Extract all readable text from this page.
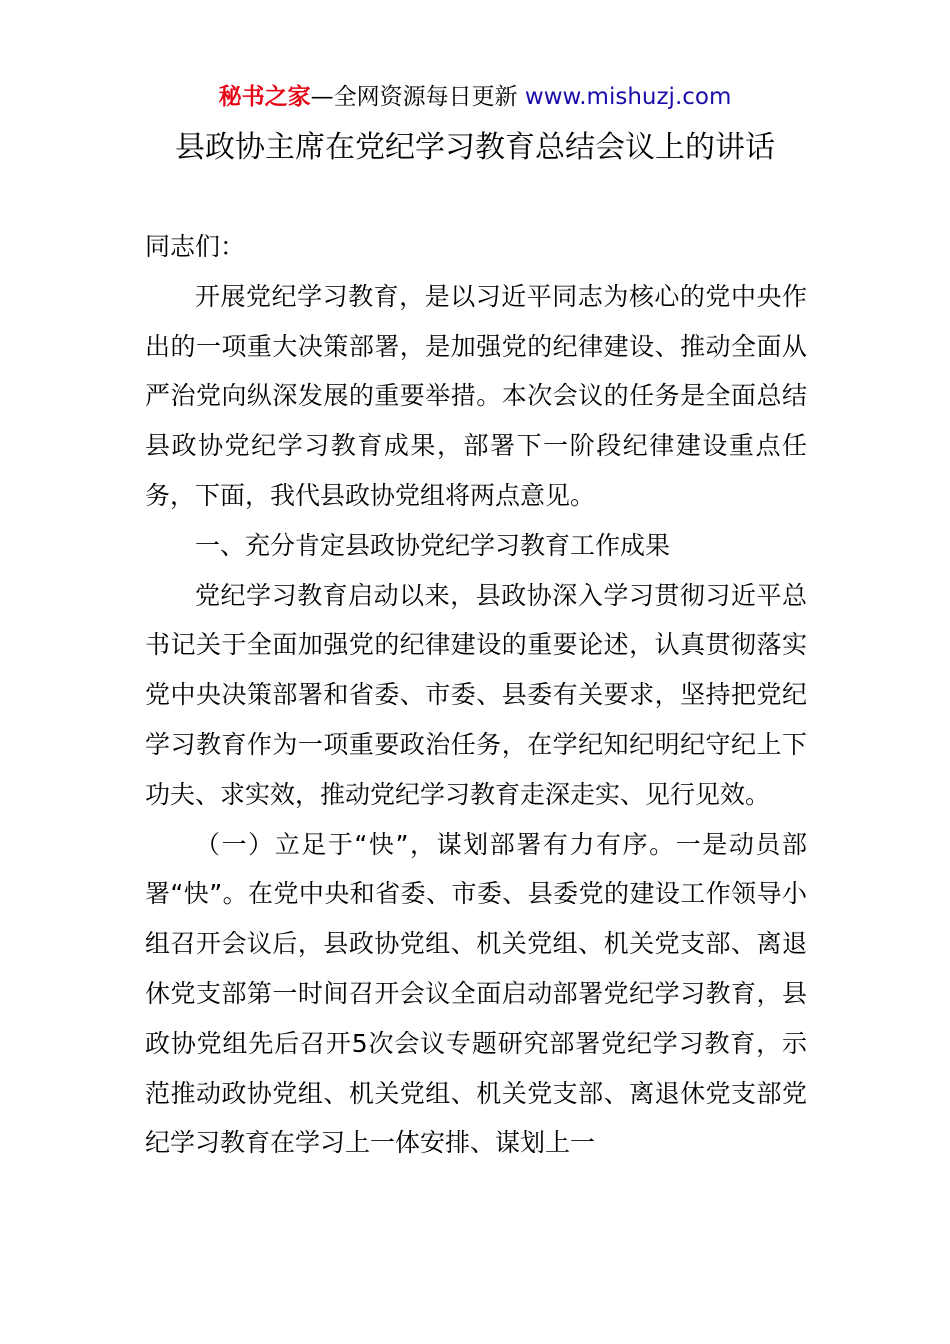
秘书之家—全网资源每日更新 www.mishuzj.com
县政协主席在党纪学习教育总结会议上的讲话

同志们：

开展党纪学习教育，是以习近平同志为核心的党中央作出的一项重大决策部署，是加强党的纪律建设、推动全面从严治党向纵深发展的重要举措。本次会议的任务是全面总结县政协党纪学习教育成果，部署下一阶段纪律建设重点任务，下面，我代县政协党组将两点意见。

一、充分肯定县政协党纪学习教育工作成果

党纪学习教育启动以来，县政协深入学习贯彻习近平总书记关于全面加强党的纪律建设的重要论述，认真贯彻落实党中央决策部署和省委、市委、县委有关要求，坚持把党纪学习教育作为一项重要政治任务，在学纪知纪明纪守纪上下功夫、求实效，推动党纪学习教育走深走实、见行见效。

（一）立足于“快”，谋划部署有力有序。一是动员部署“快”。在党中央和省委、市委、县委党的建设工作领导小组召开会议后，县政协党组、机关党组、机关党支部、离退休党支部第一时间召开会议全面启动部署党纪学习教育，县政协党组先后召开5次会议专题研究部署党纪学习教育，示范推动政协党组、机关党组、机关党支部、离退休党支部党纪学习教育在学习上一体安排、谋划上一
